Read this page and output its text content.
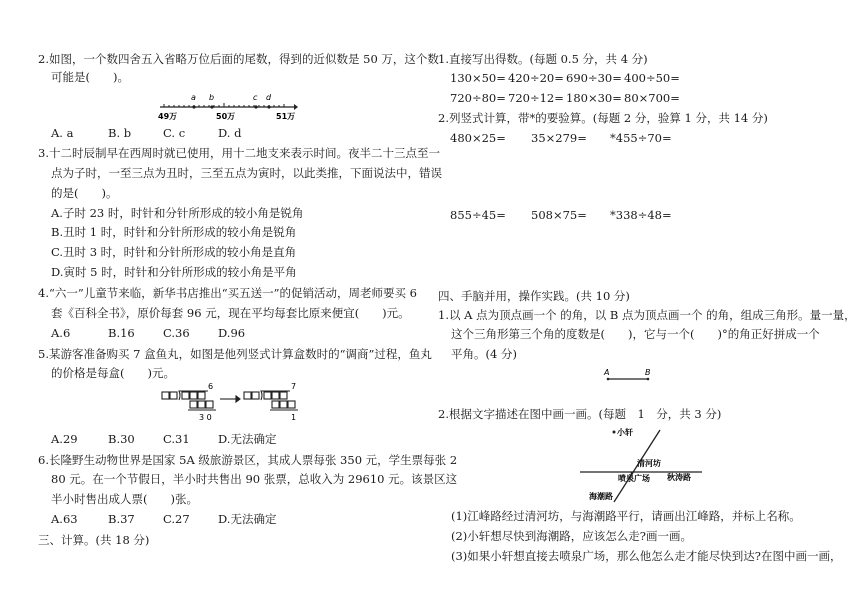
2.如图，一个数四舍五入省略万位后面的尾数，得到的近似数是 50 万，这个数
可能是(　　)。
a b	c d
49万	50万	51万
A. a	B. b	C. c	D. d
3.十二时辰制早在西周时就已使用，用十二地支来表示时间。夜半二十三点至一
点为子时，一至三点为丑时，三至五点为寅时，以此类推，下面说法中，错误
的是(　　)。
A.子时 23 时，时针和分针所形成的较小角是锐角
B.丑时 1 时，时针和分针所形成的较小角是锐角
C.丑时 3 时，时针和分针所形成的较小角是直角
D.寅时 5 时，时针和分针所形成的较小角是平角
4.“六一”儿童节来临，新华书店推出“买五送一”的促销活动，周老师要买 6
套《百科全书》，原价每套 96 元，现在平均每套比原来便宜(　　)元。
A.6	B.16 C.36 D.96
5.某游客准备购买 7 盒鱼丸，如图是他列竖式计算盒数时的“调商”过程，鱼丸
的价格是每盒(　　)元。
6
3 0
7
1
A.29	B.30 C.31 D.无法确定
6.长隆野生动物世界是国家 5A 级旅游景区，其成人票每张 350 元，学生票每张 2
80 元。在一个节假日，半小时共售出 90 张票，总收入为 29610 元。该景区这
半小时售出成人票(　　)张。
A.63	B.37 C.27 D.无法确定
三、计算。(共 18 分)
1.直接写出得数。(每题 0.5 分，共 4 分)
130×50= 420÷20= 690÷30= 400÷50=
720÷80= 720÷12= 180×30= 80×700=
2.列竖式计算，带*的要验算。(每题 2 分，验算 1 分，共 14 分)
480×25= 35×279= *455÷70=
855÷45= 508×75= *338÷48=
四、手脑并用，操作实践。(共 10 分)
1.以 A 点为顶点画一个 的角，以 B 点为顶点画一个 的角，组成三角形。量一量，
这个三角形第三个角的度数是(　　)，它与一个(　　)°的角正好拼成一个
平角。(4 分)
A	B
2.根据文字描述在图中画一画。(每题　1　分，共 3 分)
小轩
清河坊
秋涛路
喷泉广场
海潮路
(1)江峰路经过清河坊，与海潮路平行，请画出江峰路，并标上名称。
(2)小轩想尽快到海潮路，应该怎么走?画一画。
(3)如果小轩想直接去喷泉广场，那么他怎么走才能尽快到达?在图中画一画，
